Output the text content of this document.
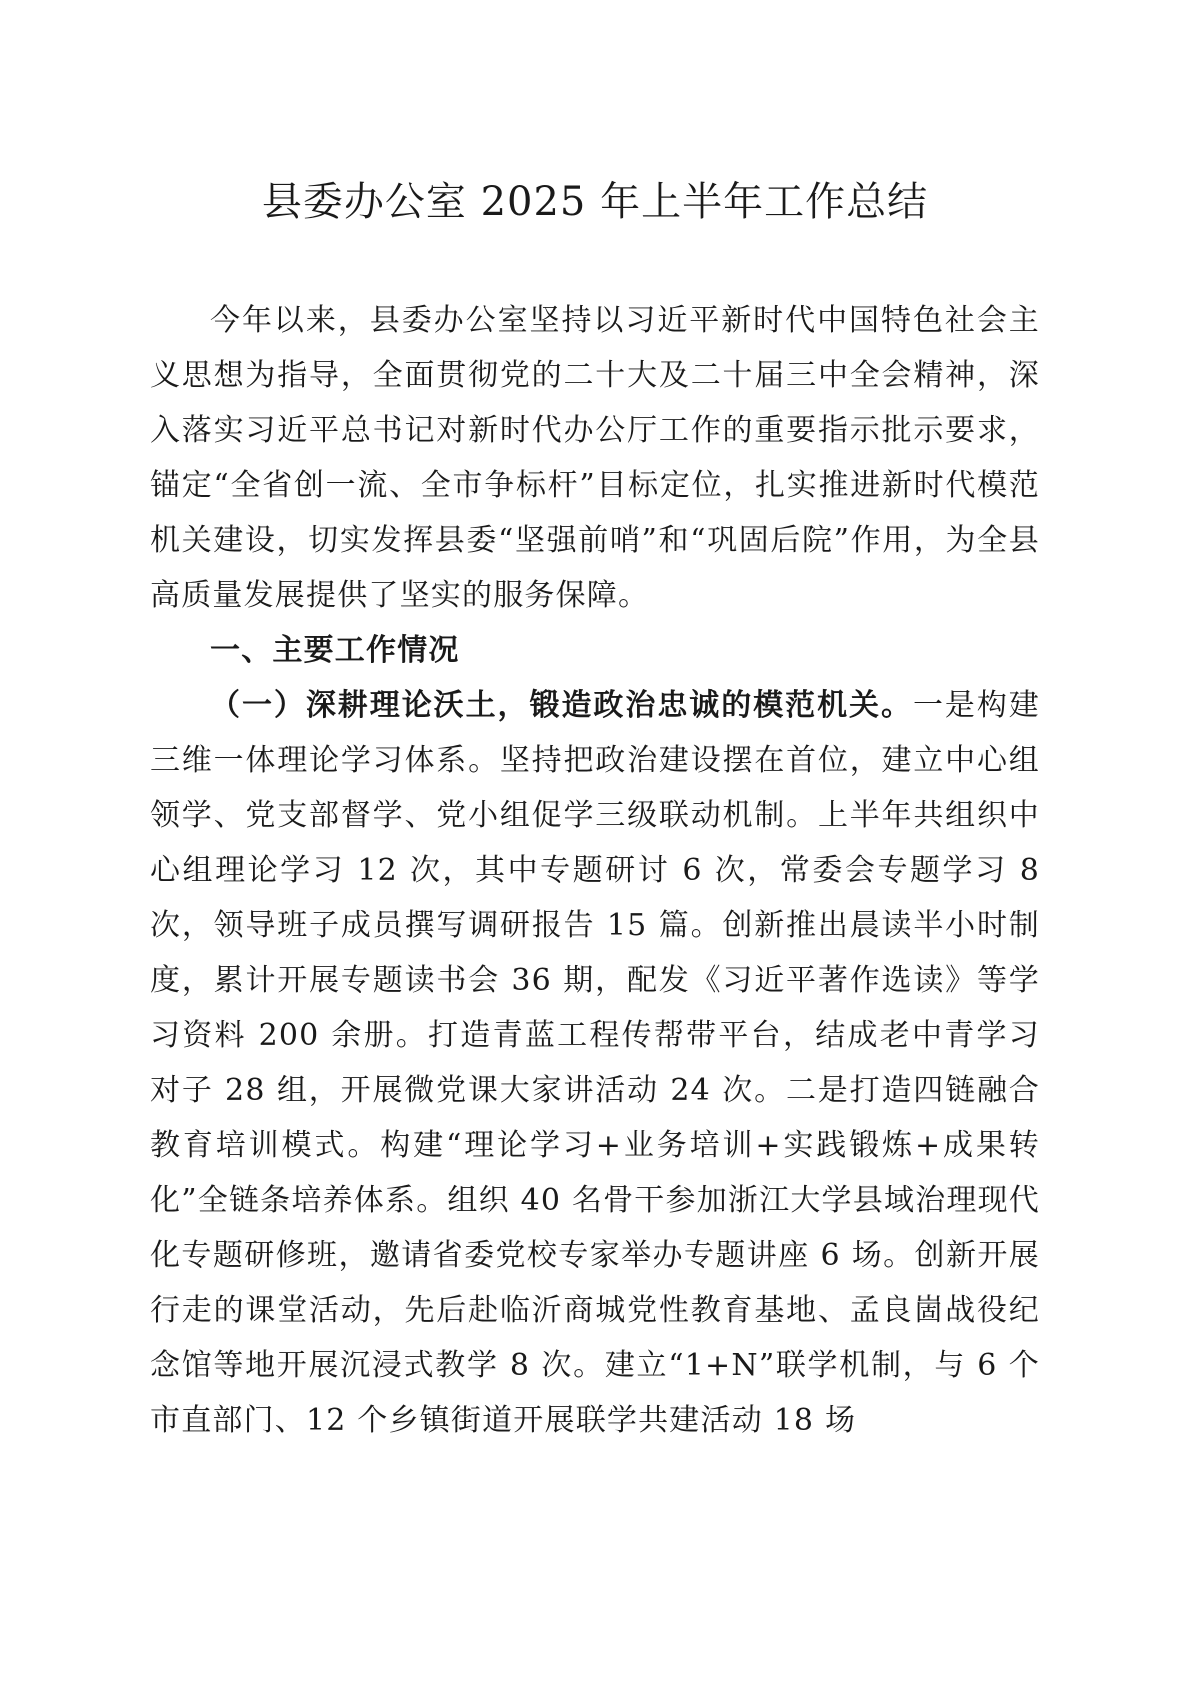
县委办公室 2025 年上半年工作总结

今年以来，县委办公室坚持以习近平新时代中国特色社会主义思想为指导，全面贯彻党的二十大及二十届三中全会精神，深入落实习近平总书记对新时代办公厅工作的重要指示批示要求，锚定“全省创一流、全市争标杆”目标定位，扎实推进新时代模范机关建设，切实发挥县委“坚强前哨”和“巩固后院”作用，为全县高质量发展提供了坚实的服务保障。

一、主要工作情况

（一）深耕理论沃土，锻造政治忠诚的模范机关。一是构建三维一体理论学习体系。坚持把政治建设摆在首位，建立中心组领学、党支部督学、党小组促学三级联动机制。上半年共组织中心组理论学习 12 次，其中专题研讨 6 次，常委会专题学习 8 次，领导班子成员撰写调研报告 15 篇。创新推出晨读半小时制度，累计开展专题读书会 36 期，配发《习近平著作选读》等学习资料 200 余册。打造青蓝工程传帮带平台，结成老中青学习对子 28 组，开展微党课大家讲活动 24 次。二是打造四链融合教育培训模式。构建“理论学习+业务培训+实践锻炼+成果转化”全链条培养体系。组织 40 名骨干参加浙江大学县域治理现代化专题研修班，邀请省委党校专家举办专题讲座 6 场。创新开展行走的课堂活动，先后赴临沂商城党性教育基地、孟良崮战役纪念馆等地开展沉浸式教学 8 次。建立“1+N”联学机制，与 6 个市直部门、12 个乡镇街道开展联学共建活动 18 场
